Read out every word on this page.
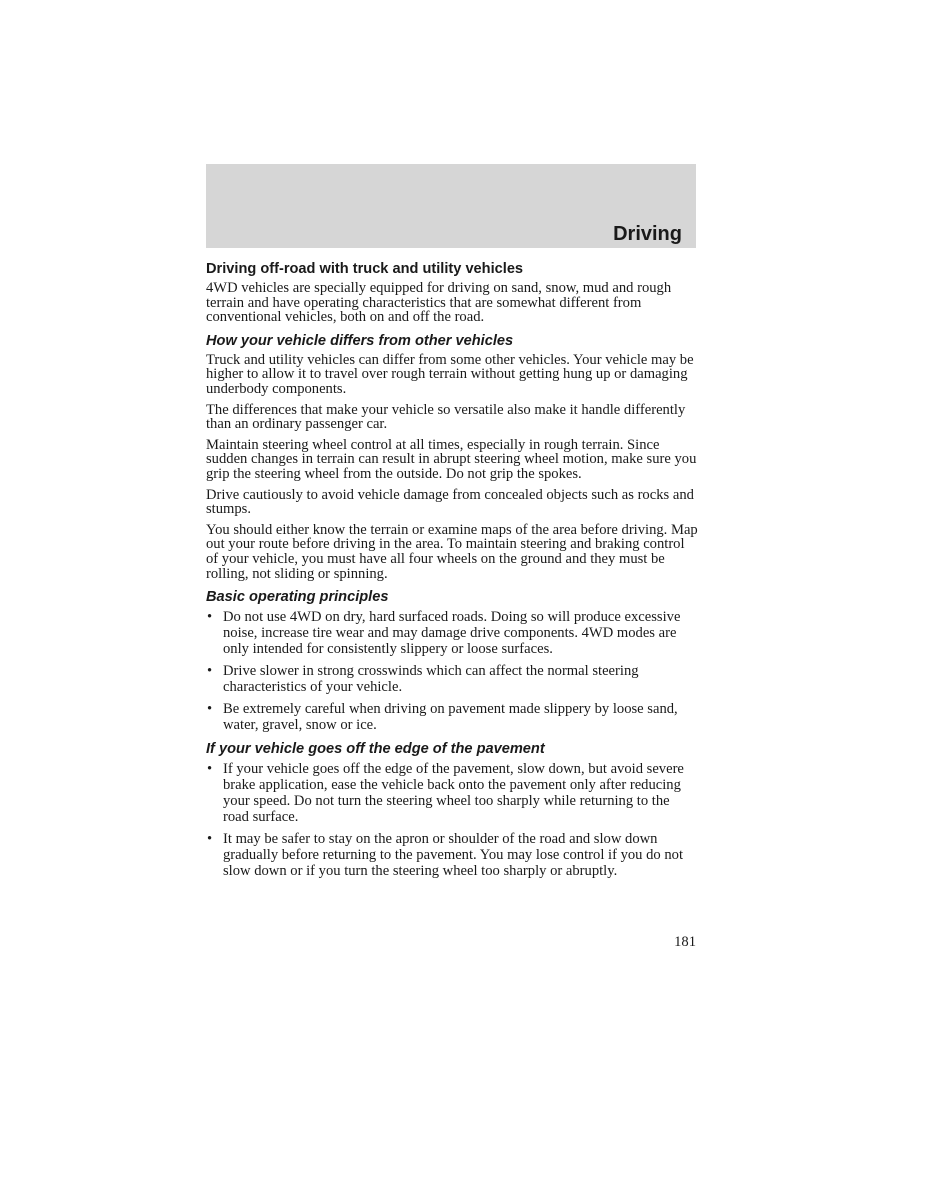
Driving
Driving off-road with truck and utility vehicles

4WD vehicles are specially equipped for driving on sand, snow, mud and rough terrain and have operating characteristics that are somewhat different from conventional vehicles, both on and off the road.

How your vehicle differs from other vehicles

Truck and utility vehicles can differ from some other vehicles. Your vehicle may be higher to allow it to travel over rough terrain without getting hung up or damaging underbody components.

The differences that make your vehicle so versatile also make it handle differently than an ordinary passenger car.

Maintain steering wheel control at all times, especially in rough terrain. Since sudden changes in terrain can result in abrupt steering wheel motion, make sure you grip the steering wheel from the outside. Do not grip the spokes.

Drive cautiously to avoid vehicle damage from concealed objects such as rocks and stumps.

You should either know the terrain or examine maps of the area before driving. Map out your route before driving in the area. To maintain steering and braking control of your vehicle, you must have all four wheels on the ground and they must be rolling, not sliding or spinning.

Basic operating principles
• Do not use 4WD on dry, hard surfaced roads. Doing so will produce excessive noise, increase tire wear and may damage drive components. 4WD modes are only intended for consistently slippery or loose surfaces.
• Drive slower in strong crosswinds which can affect the normal steering characteristics of your vehicle.
• Be extremely careful when driving on pavement made slippery by loose sand, water, gravel, snow or ice.
If your vehicle goes off the edge of the pavement
• If your vehicle goes off the edge of the pavement, slow down, but avoid severe brake application, ease the vehicle back onto the pavement only after reducing your speed. Do not turn the steering wheel too sharply while returning to the road surface.
• It may be safer to stay on the apron or shoulder of the road and slow down gradually before returning to the pavement. You may lose control if you do not slow down or if you turn the steering wheel too sharply or abruptly.
181
